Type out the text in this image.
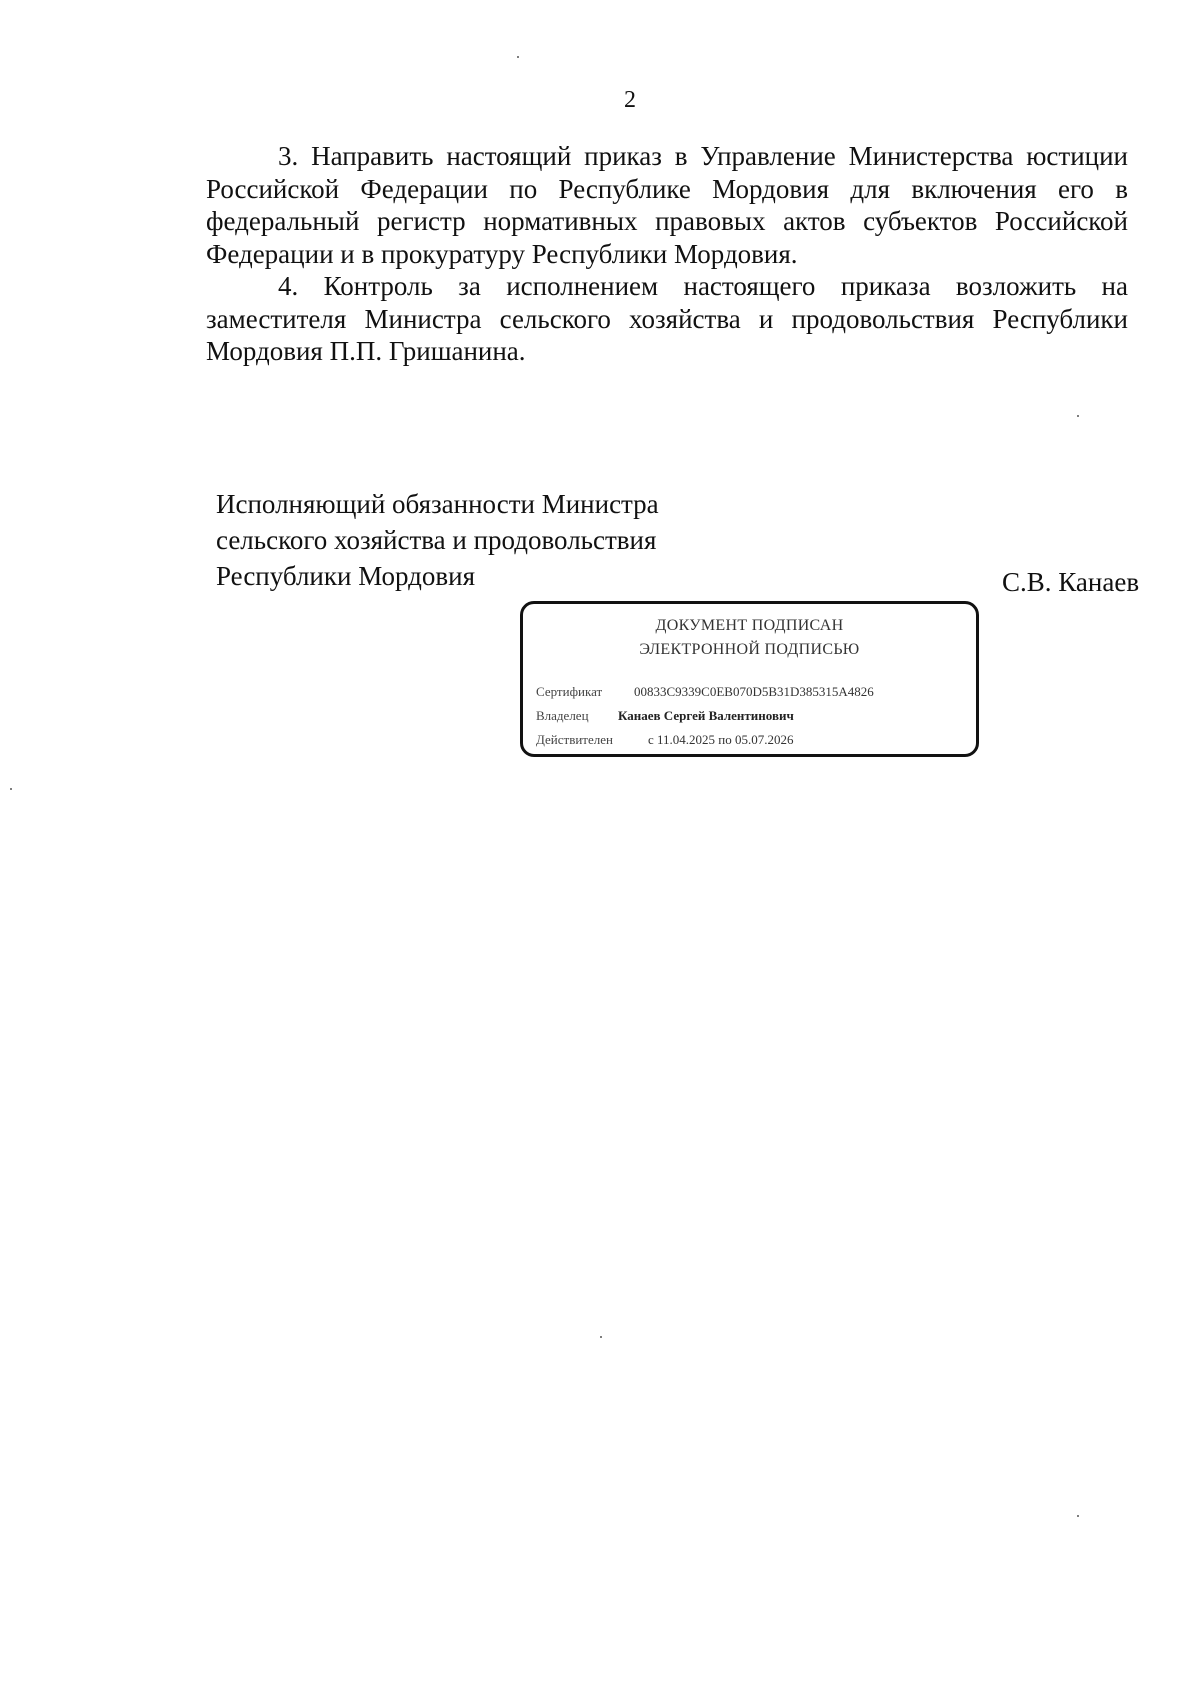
2

3. Направить настоящий приказ в Управление Министерства юстиции Российской Федерации по Республике Мордовия для включения его в федеральный регистр нормативных правовых актов субъектов Российской Федерации и в прокуратуру Республики Мордовия.

4. Контроль за исполнением настоящего приказа возложить на заместителя Министра сельского хозяйства и продовольствия Республики Мордовия П.П. Гришанина.

Исполняющий обязанности Министра
сельского хозяйства и продовольствия
Республики Мордовия	С.В. Канаев
ДОКУМЕНТ ПОДПИСАН
ЭЛЕКТРОННОЙ ПОДПИСЬЮ
Сертификат 00833C9339C0EB070D5B31D385315A4826
Владелец Канаев Сергей Валентинович
Действителен	с 11.04.2025 по 05.07.2026
